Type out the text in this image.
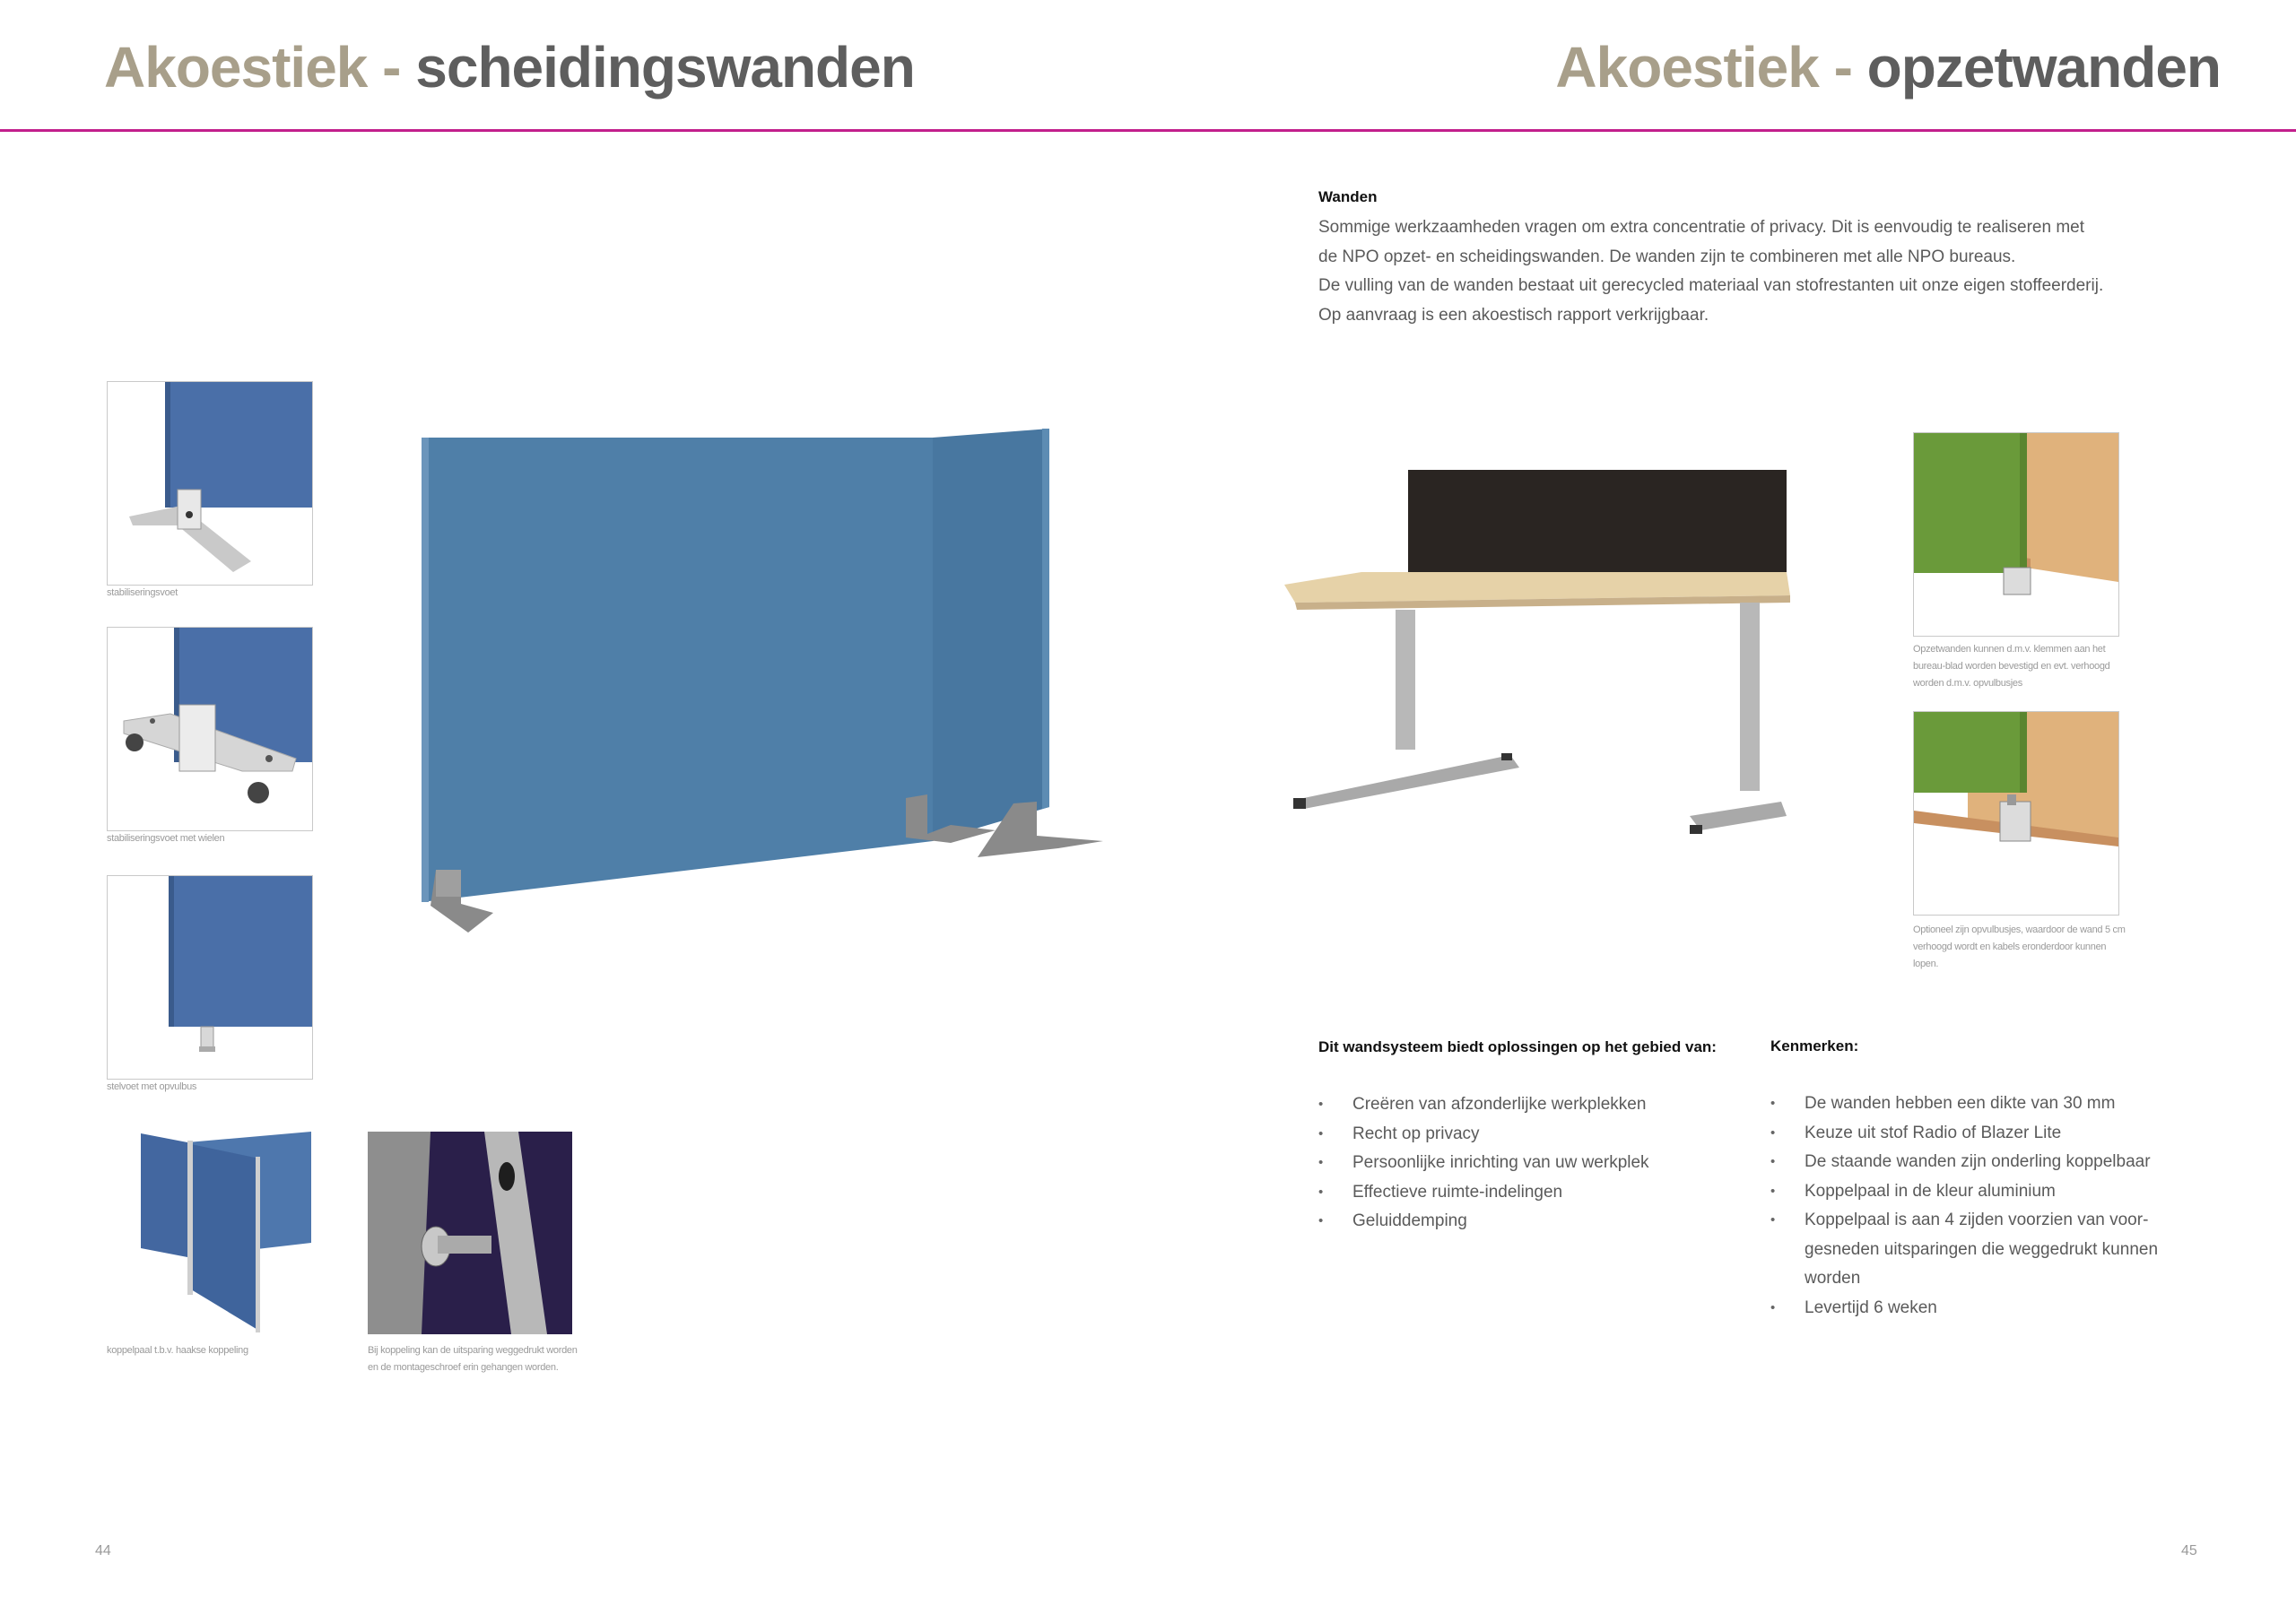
Akoestiek - scheidingswanden	Akoestiek - opzetwanden
stabiliseringsvoet
stabiliseringsvoet met wielen
stelvoet met opvulbus
koppelpaal t.b.v. haakse koppeling	Bij koppeling kan de uitsparing weggedrukt worden en de montageschroef erin gehangen worden.
Wanden
Sommige werkzaamheden vragen om extra concentratie of privacy. Dit is eenvoudig te realiseren met
de NPO opzet- en scheidingswanden. De wanden zijn te combineren met alle NPO bureaus.
De vulling van de wanden bestaat uit gerecycled materiaal van stofrestanten uit onze eigen stoffeerderij.
Op aanvraag is een akoestisch rapport verkrijgbaar.
Opzetwanden kunnen d.m.v. klemmen aan het bureau-blad worden bevestigd en evt. verhoogd worden d.m.v. opvulbusjes
Optioneel zijn opvulbusjes, waardoor de wand 5 cm verhoogd wordt en kabels eronderdoor kunnen lopen.
Dit wandsysteem biedt oplossingen op het gebied van:
• Creëren van afzonderlijke werkplekken
• Recht op privacy
• Persoonlijke inrichting van uw werkplek
• Effectieve ruimte-indelingen
• Geluiddemping
Kenmerken:
• De wanden hebben een dikte van 30 mm
• Keuze uit stof Radio of Blazer Lite
• De staande wanden zijn onderling koppelbaar
• Koppelpaal in de kleur aluminium
• Koppelpaal is aan 4 zijden voorzien van voor-gesneden uitsparingen die weggedrukt kunnen worden
• Levertijd 6 weken
44	45
